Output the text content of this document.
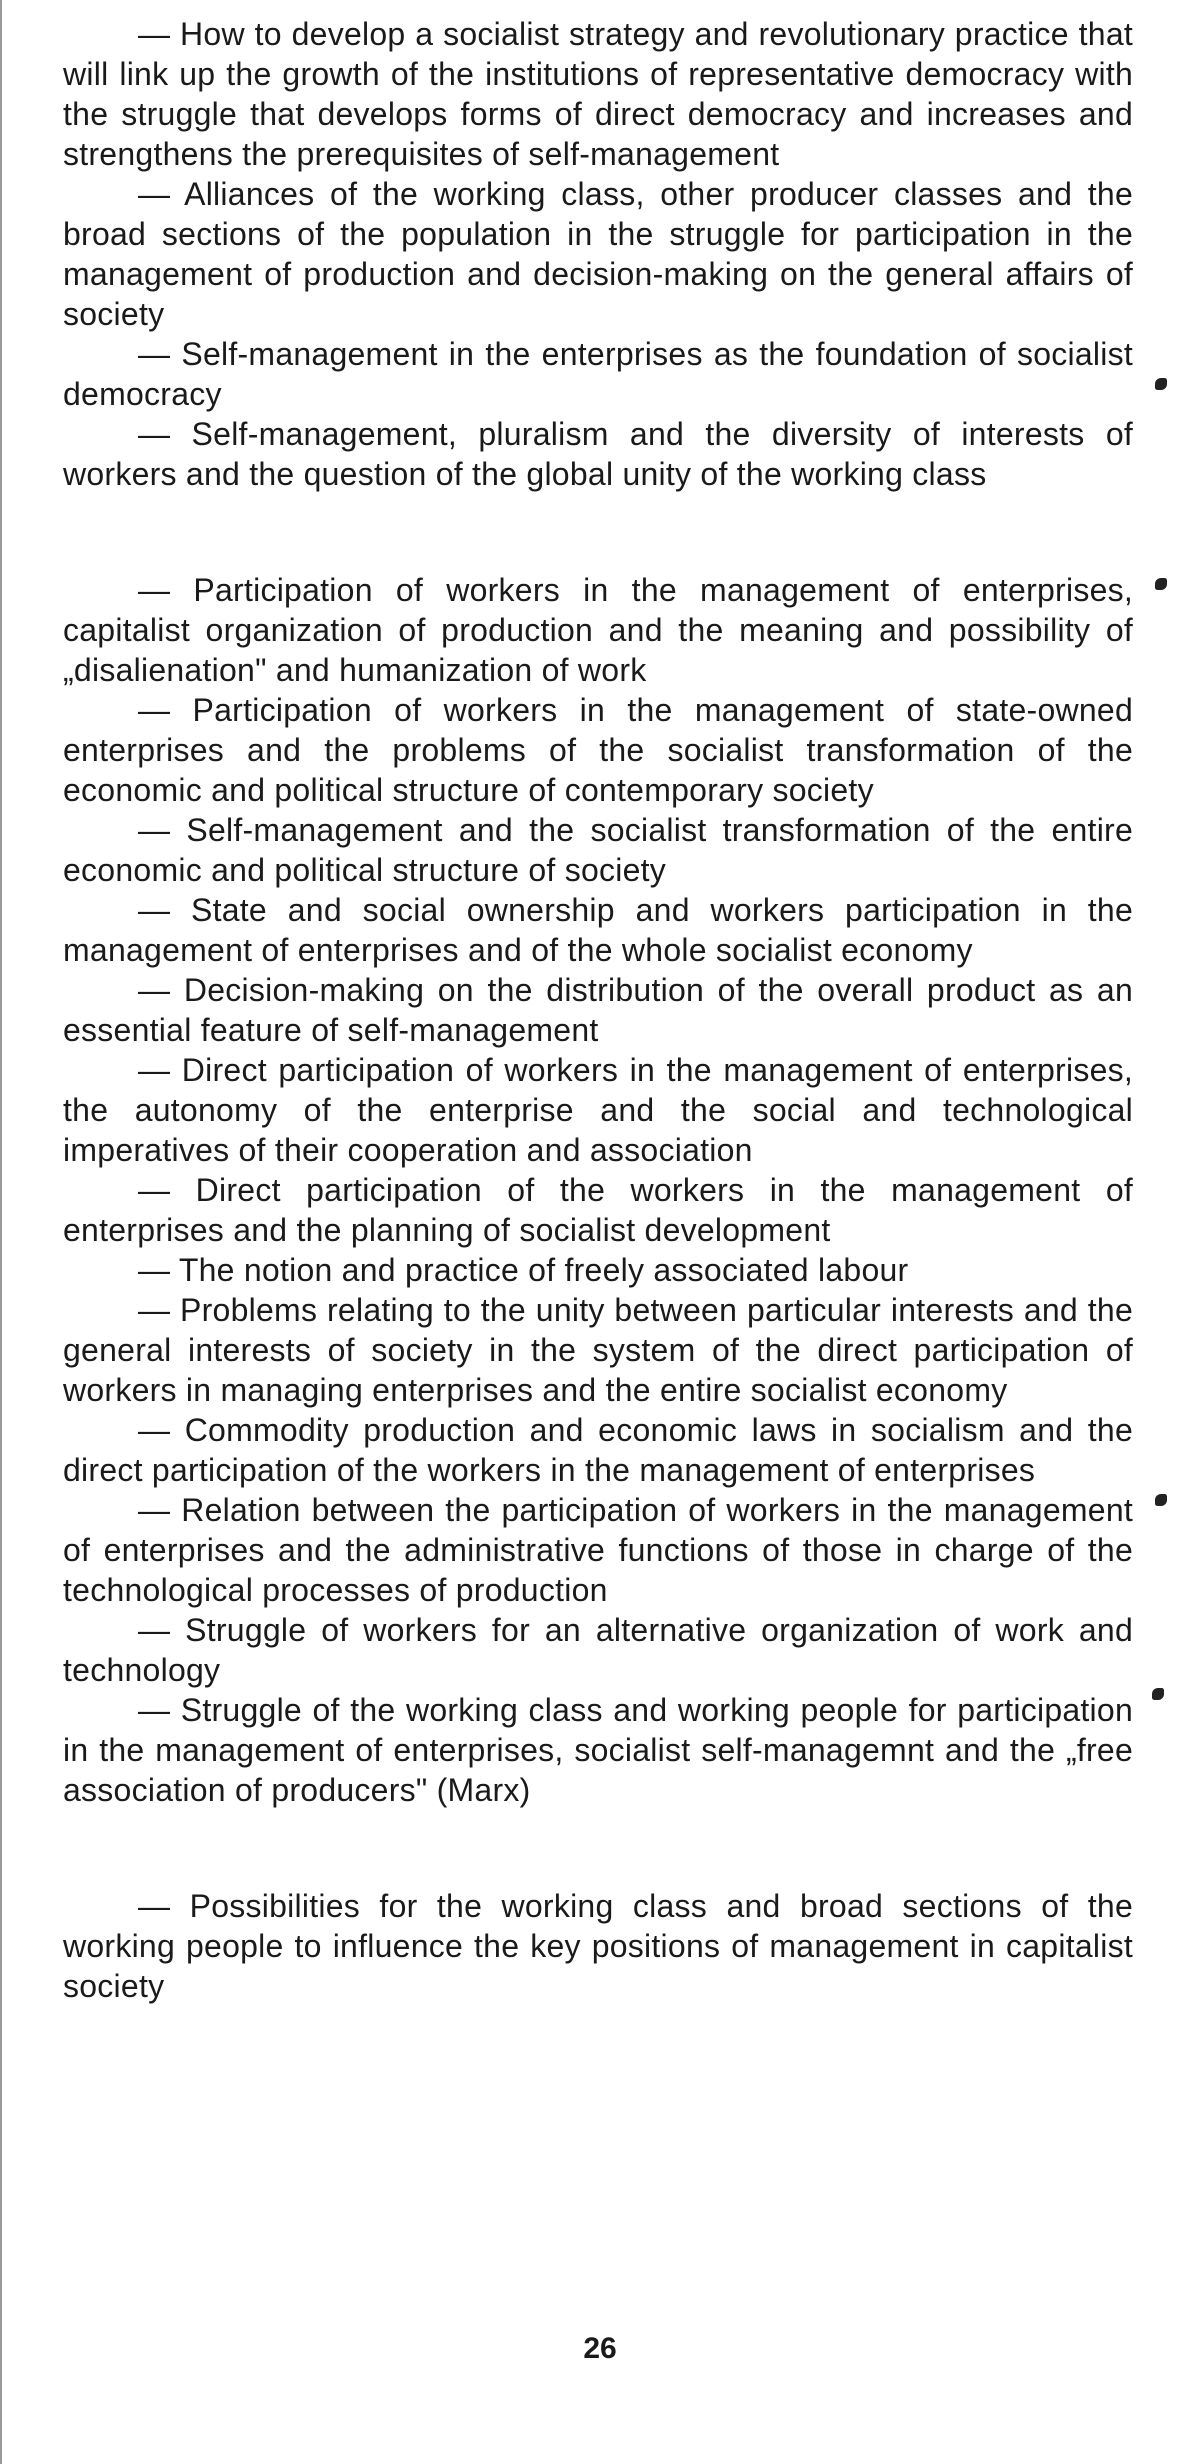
— How to develop a socialist strategy and revolutionary practice that will link up the growth of the institutions of representative democracy with the struggle that develops forms of direct democracy and increases and strengthens the prerequisites of self-management

— Alliances of the working class, other producer classes and the broad sections of the population in the struggle for participation in the management of production and decision-making on the general affairs of society

— Self-management in the enterprises as the foundation of socialist democracy

— Self-management, pluralism and the diversity of interests of workers and the question of the global unity of the working class

— Participation of workers in the management of enterprises, capitalist organization of production and the meaning and possibility of „disalienation" and humanization of work

— Participation of workers in the management of state-owned enterprises and the problems of the socialist transformation of the economic and political structure of contemporary society

— Self-management and the socialist transformation of the entire economic and political structure of society

— State and social ownership and workers participation in the management of enterprises and of the whole socialist economy

— Decision-making on the distribution of the overall product as an essential feature of self-management

— Direct participation of workers in the management of enterprises, the autonomy of the enterprise and the social and technological imperatives of their cooperation and association

— Direct participation of the workers in the management of enterprises and the planning of socialist development

— The notion and practice of freely associated labour

— Problems relating to the unity between particular interests and the general interests of society in the system of the direct participation of workers in managing enterprises and the entire socialist economy

— Commodity production and economic laws in socialism and the direct participation of the workers in the management of enterprises

— Relation between the participation of workers in the management of enterprises and the administrative functions of those in charge of the technological processes of production

— Struggle of workers for an alternative organization of work and technology

— Struggle of the working class and working people for participation in the management of enterprises, socialist self-managemnt and the „free association of producers" (Marx)

— Possibilities for the working class and broad sections of the working people to influence the key positions of management in capitalist society

26
